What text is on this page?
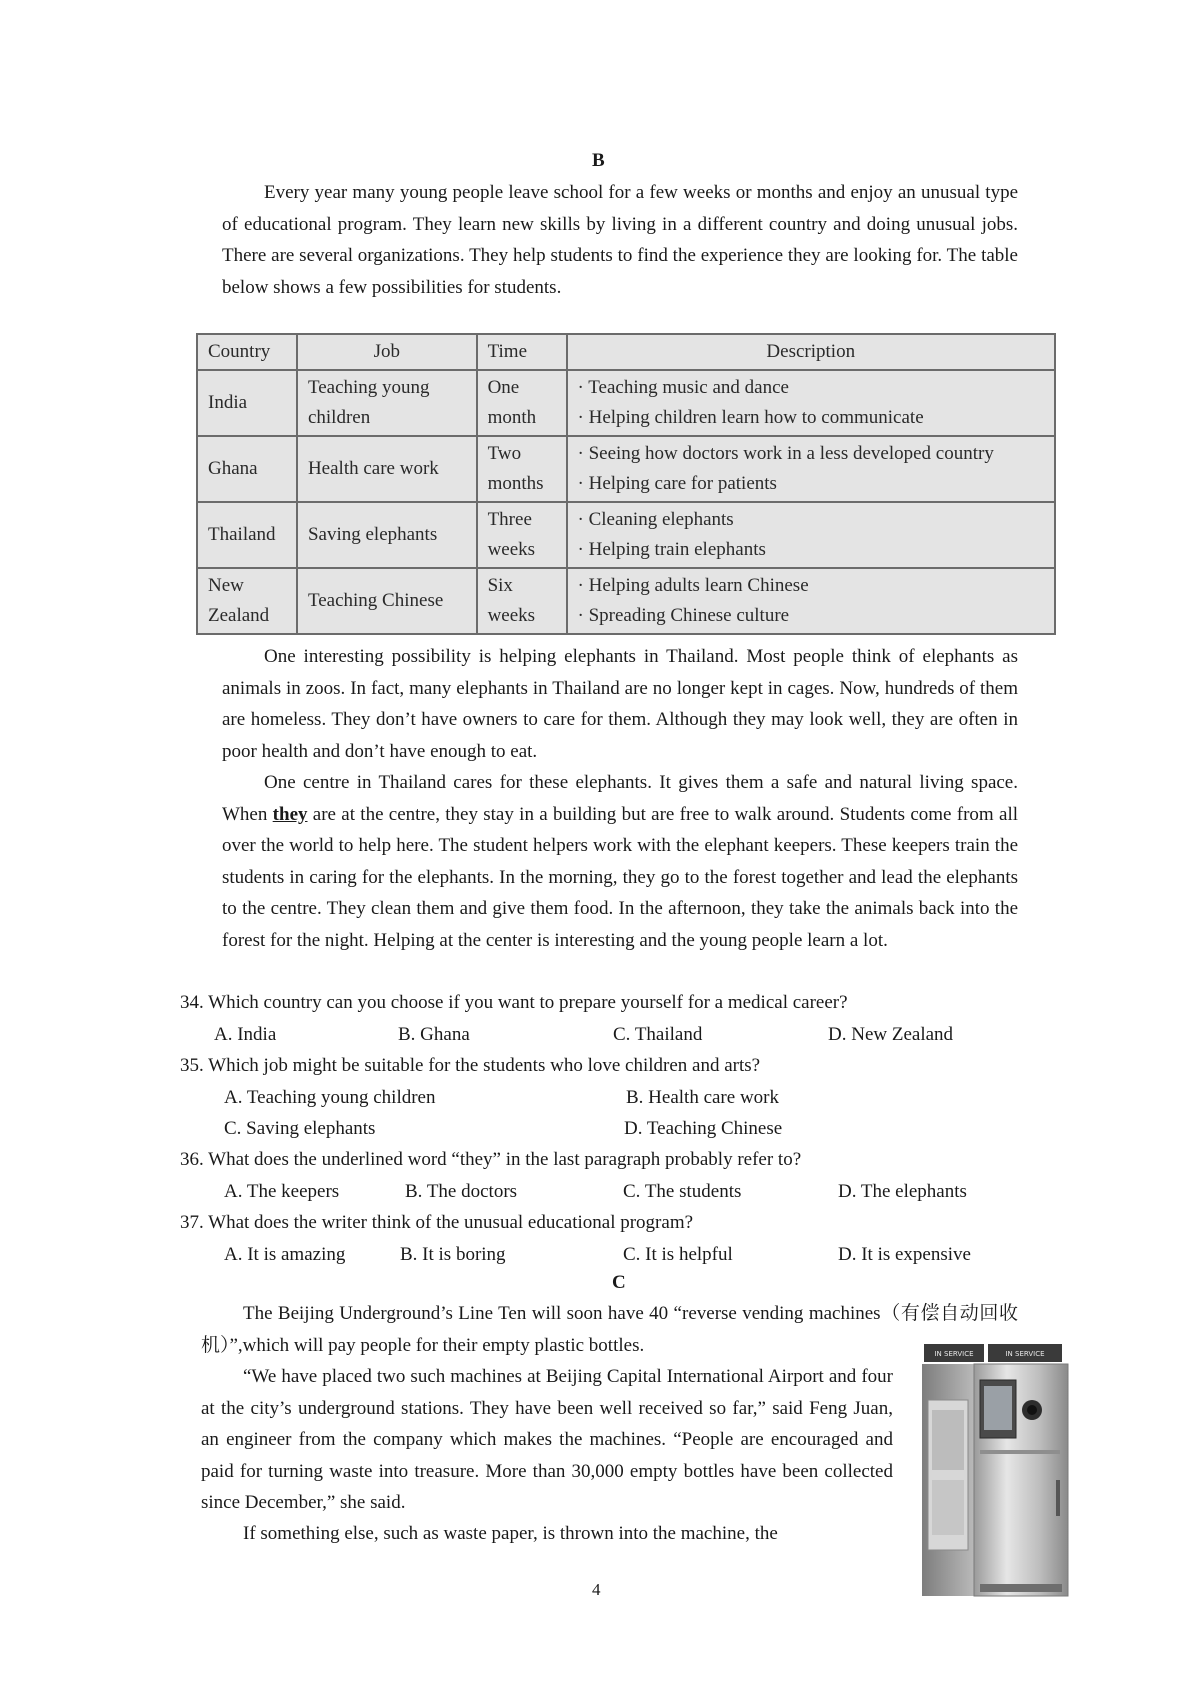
B
Every year many young people leave school for a few weeks or months and enjoy an unusual type of educational program. They learn new skills by living in a different country and doing unusual jobs. There are several organizations. They help students to find the experience they are looking for. The table below shows a few possibilities for students.
Country	Job	Time	Description
India	Teaching young children	One month	· Teaching music and dance
· Helping children learn how to communicate

Ghana	Health care work	Two months	· Seeing how doctors work in a less developed country
· Helping care for patients

Thailand	Saving elephants	Three weeks	· Cleaning elephants
· Helping train elephants

New Zealand	Teaching Chinese	Six weeks	· Helping adults learn Chinese
· Spreading Chinese culture
One interesting possibility is helping elephants in Thailand. Most people think of elephants as animals in zoos. In fact, many elephants in Thailand are no longer kept in cages. Now, hundreds of them are homeless. They don’t have owners to care for them. Although they may look well, they are often in poor health and don’t have enough to eat.
One centre in Thailand cares for these elephants. It gives them a safe and natural living space. When they are at the centre, they stay in a building but are free to walk around. Students come from all over the world to help here. The student helpers work with the elephant keepers. These keepers train the students in caring for the elephants. In the morning, they go to the forest together and lead the elephants to the centre. They clean them and give them food. In the afternoon, they take the animals back into the forest for the night. Helping at the center is interesting and the young people learn a lot.
34. Which country can you choose if you want to prepare yourself for a medical career?
A. India	B. Ghana	C. Thailand	D. New Zealand
35. Which job might be suitable for the students who love children and arts?
A. Teaching young children	B. Health care work
C. Saving elephants	D. Teaching Chinese
36. What does the underlined word “they” in the last paragraph probably refer to?
A. The keepers	B. The doctors	C. The students	D. The elephants
37. What does the writer think of the unusual educational program?
A. It is amazing	B. It is boring	C. It is helpful	D. It is expensive
C
The Beijing Underground’s Line Ten will soon have 40 “reverse vending machines（有偿自动回收机）”,which will pay people for their empty plastic bottles.
“We have placed two such machines at Beijing Capital International Airport and four at the city’s underground stations. They have been well received so far,” said Feng Juan, an engineer from the company which makes the machines. “People are encouraged and paid for turning waste into treasure. More than 30,000 empty bottles have been collected since December,” she said.
If something else, such as waste paper, is thrown into the machine, the
IN SERVICE	IN SERVICE
4
